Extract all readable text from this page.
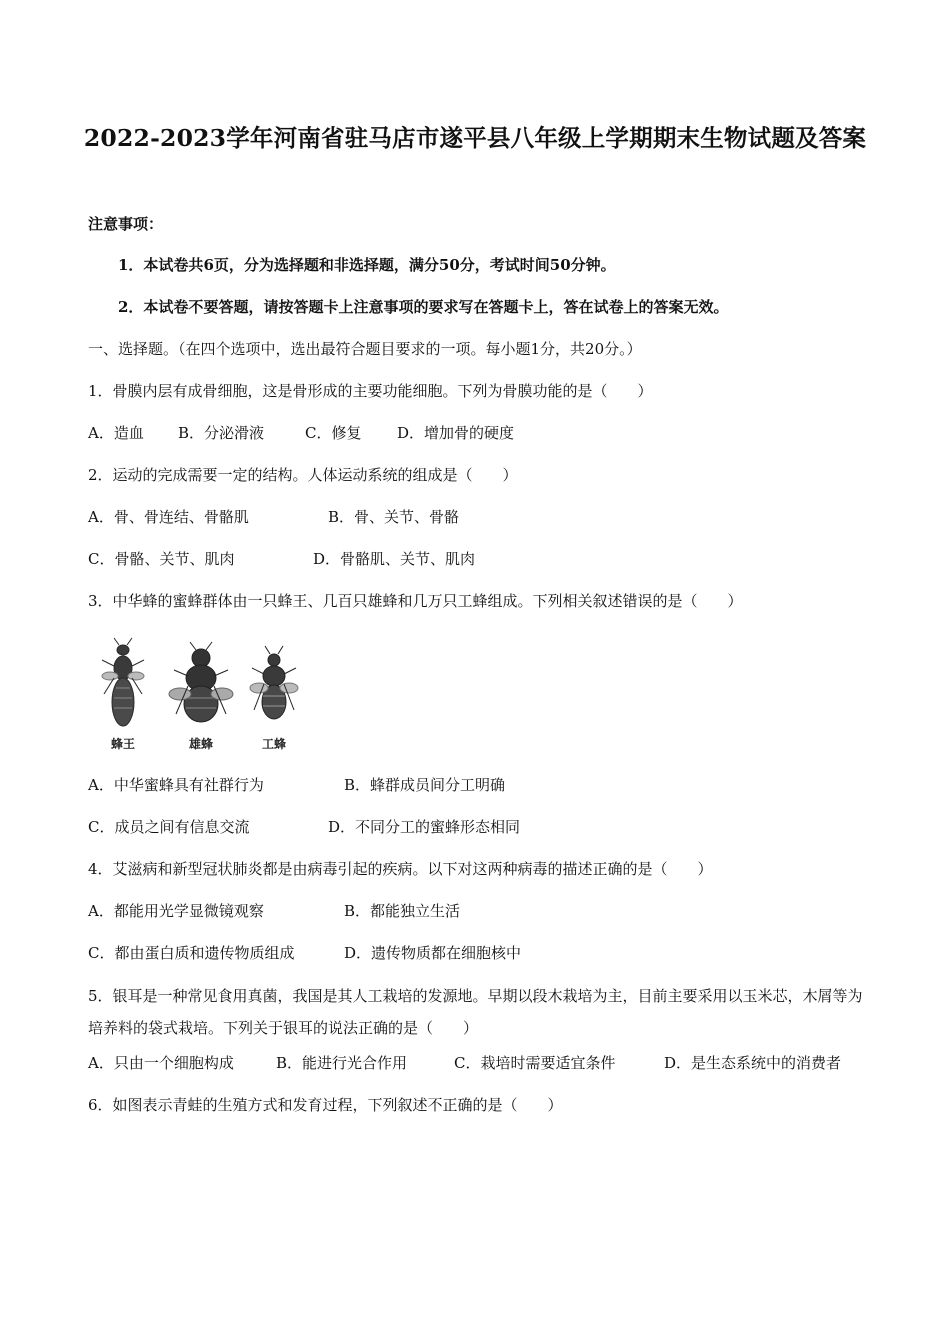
2022-2023学年河南省驻马店市遂平县八年级上学期期末生物试题及答案
注意事项：
1．本试卷共6页，分为选择题和非选择题，满分50分，考试时间50分钟。
2．本试卷不要答题，请按答题卡上注意事项的要求写在答题卡上，答在试卷上的答案无效。
一、选择题。（在四个选项中，选出最符合题目要求的一项。每小题1分，共20分。）
1．骨膜内层有成骨细胞，这是骨形成的主要功能细胞。下列为骨膜功能的是（　　）
A．造血 B．分泌滑液	C．修复 D．增加骨的硬度
2．运动的完成需要一定的结构。人体运动系统的组成是（　　）
A．骨、骨连结、骨骼肌	B．骨、关节、骨骼
C．骨骼、关节、肌肉	D．骨骼肌、关节、肌肉
3．中华蜂的蜜蜂群体由一只蜂王、几百只雄蜂和几万只工蜂组成。下列相关叙述错误的是（　　）
蜂王	雄蜂	工蜂
A．中华蜜蜂具有社群行为	B．蜂群成员间分工明确
C．成员之间有信息交流	D．不同分工的蜜蜂形态相同
4．艾滋病和新型冠状肺炎都是由病毒引起的疾病。以下对这两种病毒的描述正确的是（　　）
A．都能用光学显微镜观察	B．都能独立生活
C．都由蛋白质和遗传物质组成	D．遗传物质都在细胞核中
5．银耳是一种常见食用真菌，我国是其人工栽培的发源地。早期以段木栽培为主，目前主要采用以玉米芯，木屑等为培养料的袋式栽培。下列关于银耳的说法正确的是（　　）
A．只由一个细胞构成	B．能进行光合作用	C．栽培时需要适宜条件	D．是生态系统中的消费者
6．如图表示青蛙的生殖方式和发育过程，下列叙述不正确的是（　　）
